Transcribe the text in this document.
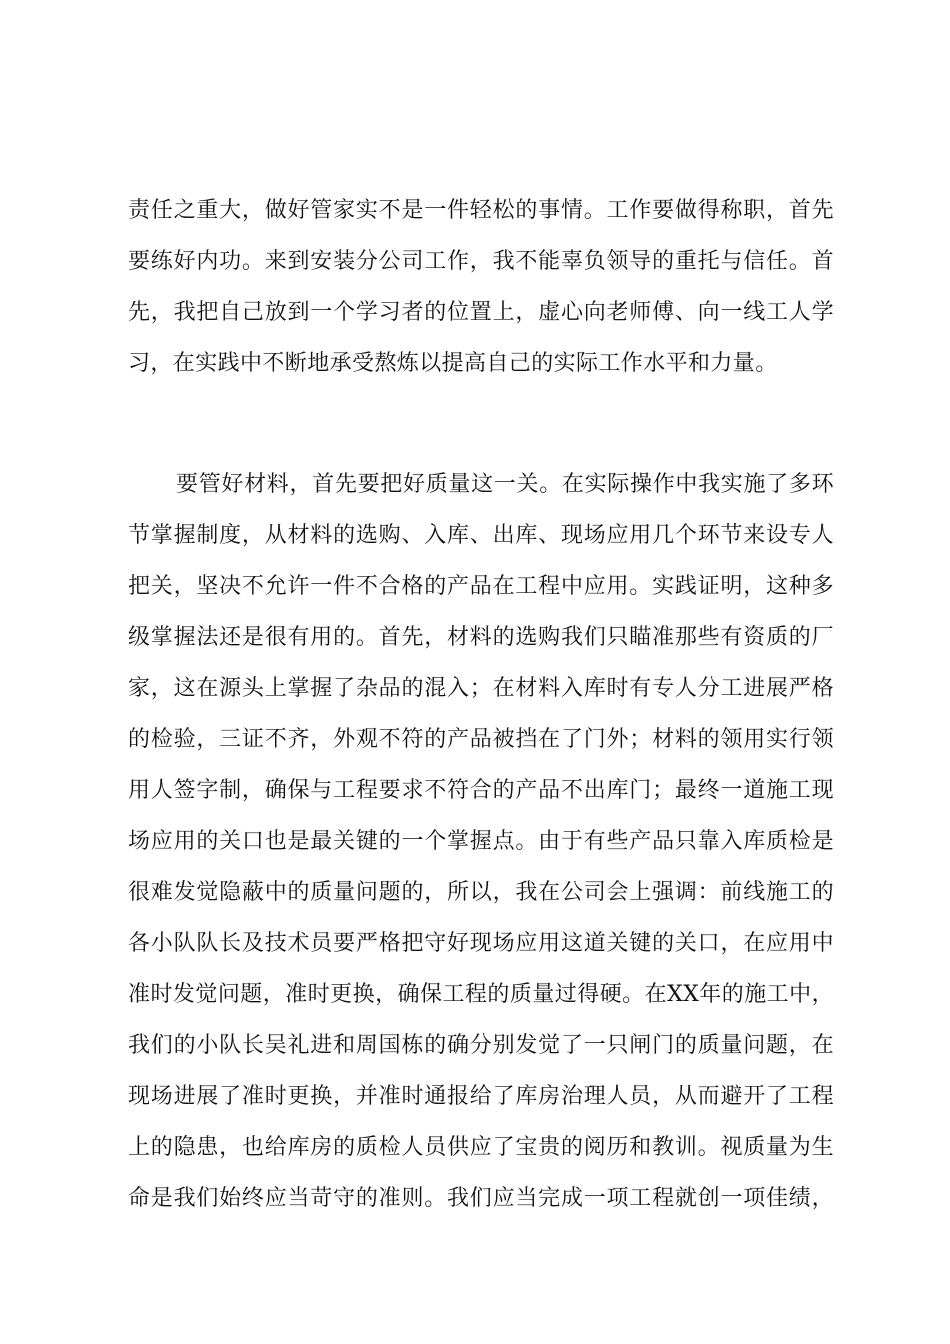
责任之重大，做好管家实不是一件轻松的事情。工作要做得称职，首先
要练好内功。来到安装分公司工作，我不能辜负领导的重托与信任。首
先，我把自己放到一个学习者的位置上，虚心向老师傅、向一线工人学
习，在实践中不断地承受熬炼以提高自己的实际工作水平和力量。
要管好材料，首先要把好质量这一关。在实际操作中我实施了多环
节掌握制度，从材料的选购、入库、出库、现场应用几个环节来设专人
把关，坚决不允许一件不合格的产品在工程中应用。实践证明，这种多
级掌握法还是很有用的。首先，材料的选购我们只瞄准那些有资质的厂
家，这在源头上掌握了杂品的混入；在材料入库时有专人分工进展严格
的检验，三证不齐，外观不符的产品被挡在了门外；材料的领用实行领
用人签字制，确保与工程要求不符合的产品不出库门；最终一道施工现
场应用的关口也是最关键的一个掌握点。由于有些产品只靠入库质检是
很难发觉隐蔽中的质量问题的，所以，我在公司会上强调：前线施工的
各小队队长及技术员要严格把守好现场应用这道关键的关口，在应用中
准时发觉问题，准时更换，确保工程的质量过得硬。在XX年的施工中，
我们的小队长吴礼进和周国栋的确分别发觉了一只闸门的质量问题，在
现场进展了准时更换，并准时通报给了库房治理人员，从而避开了工程
上的隐患，也给库房的质检人员供应了宝贵的阅历和教训。视质量为生
命是我们始终应当苛守的准则。我们应当完成一项工程就创一项佳绩，
